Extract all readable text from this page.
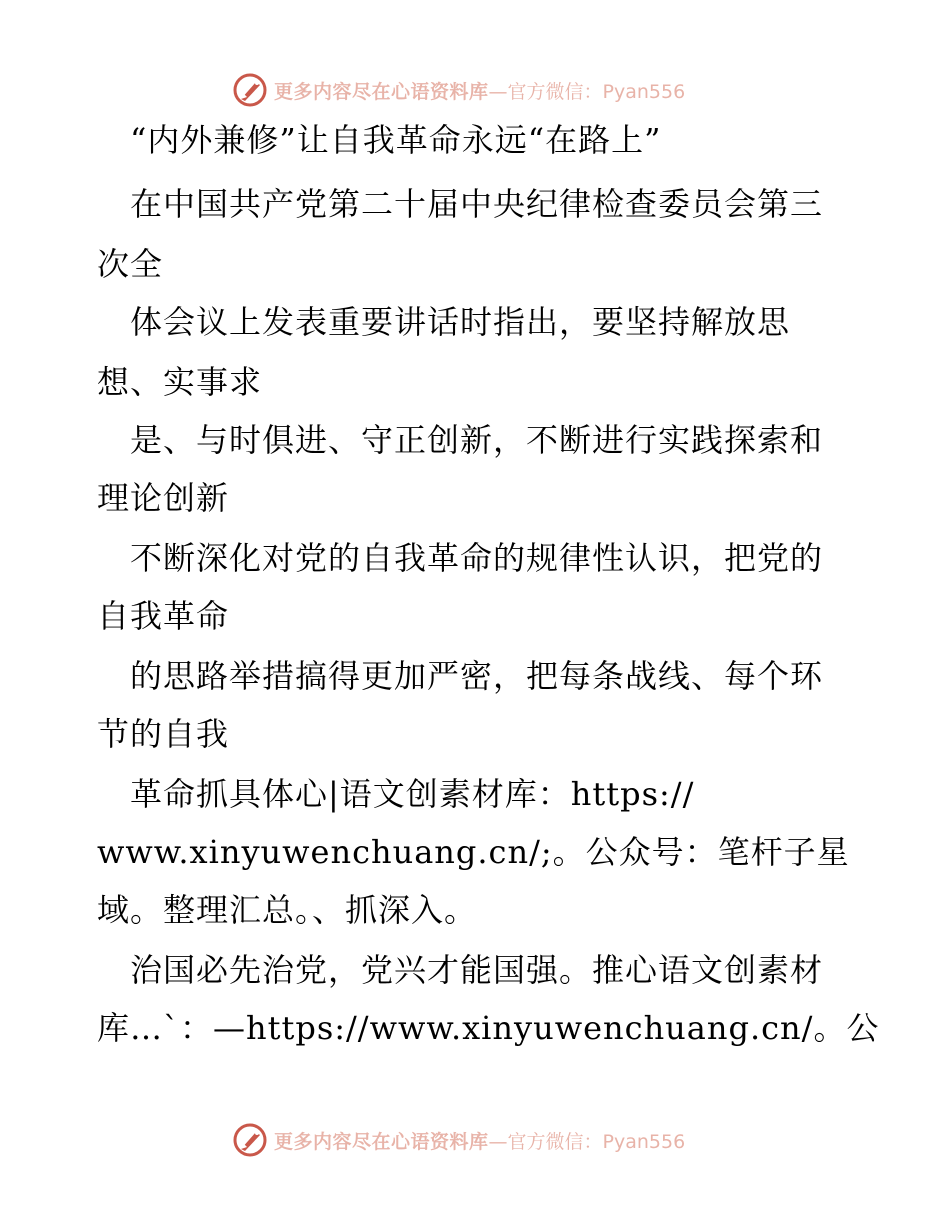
更多内容尽在心语资料库 —官方微信：Pyan556
　“内外兼修”让自我革命永远“在路上”
　在中国共产党第二十届中央纪律检查委员会第三
次全
　体会议上发表重要讲话时指出，要坚持解放思
想、实事求
　是、与时俱进、守正创新，不断进行实践探索和
理论创新
　不断深化对党的自我革命的规律性认识，把党的
自我革命
　的思路举措搞得更加严密，把每条战线、每个环
节的自我
　革命抓具体心|语文创素材库：https://
www.xinyuwenchuang.cn/;。公众号：笔杆子星
域。整理汇总。、抓深入。
　治国必先治党，党兴才能国强。推心语文创素材
库…`：—https://www.xinyuwenchuang.cn/。公
更多内容尽在心语资料库 —官方微信：Pyan556
